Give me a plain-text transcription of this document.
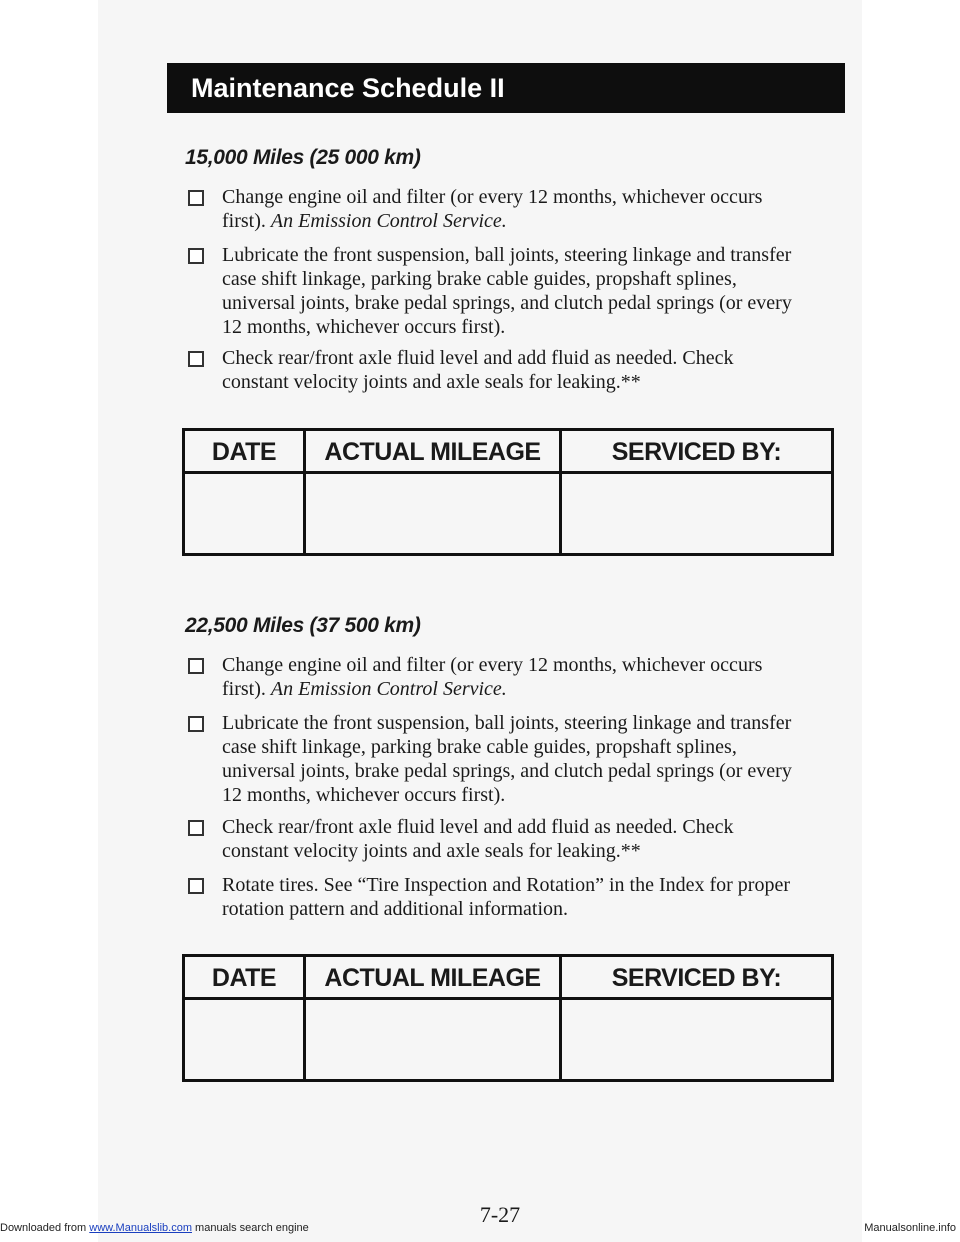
Maintenance Schedule II
15,000 Miles (25 000 km)
Change engine oil and filter (or every 12 months, whichever occurs
first). An Emission Control Service.
Lubricate the front suspension, ball joints, steering linkage and transfer
case shift linkage, parking brake cable guides, propshaft splines,
universal joints, brake pedal springs, and clutch pedal springs (or every
12 months, whichever occurs first).
Check rear/front axle fluid level and add fluid as needed. Check
constant velocity joints and axle seals for leaking.**
DATE	ACTUAL MILEAGE	SERVICED BY:
22,500 Miles (37 500 km)
Change engine oil and filter (or every 12 months, whichever occurs
first). An Emission Control Service.
Lubricate the front suspension, ball joints, steering linkage and transfer
case shift linkage, parking brake cable guides, propshaft splines,
universal joints, brake pedal springs, and clutch pedal springs (or every
12 months, whichever occurs first).
Check rear/front axle fluid level and add fluid as needed. Check
constant velocity joints and axle seals for leaking.**
Rotate tires. See “Tire Inspection and Rotation” in the Index for proper
rotation pattern and additional information.
DATE	ACTUAL MILEAGE	SERVICED BY:
7-27
Downloaded from www.Manualslib.com manuals search engine	Manualsonline.info
